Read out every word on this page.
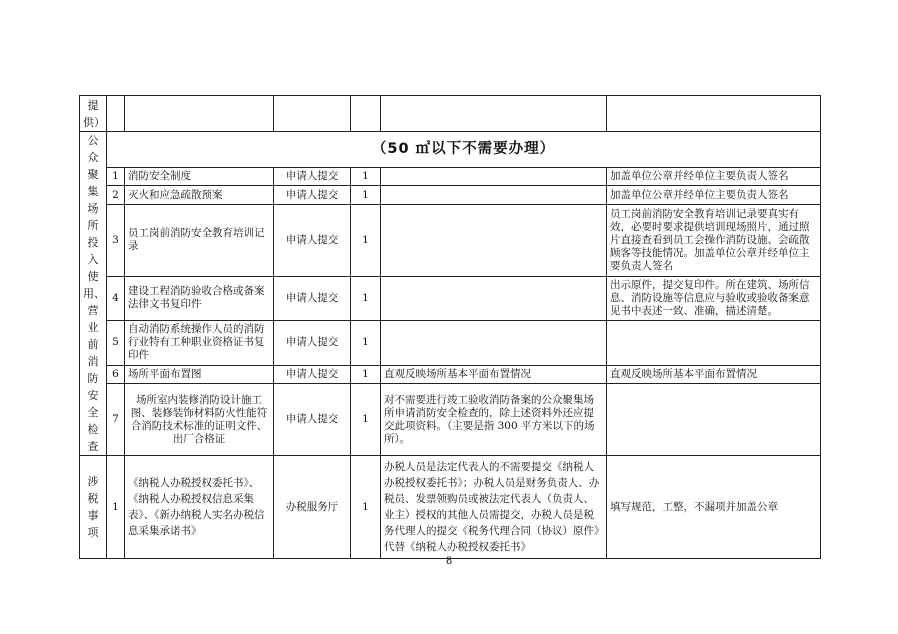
提供）						
公众聚集场所投入使用、营业前消防安全检查	（50 ㎡以下不需要办理）					
	1	消防安全制度	申请人提交	1		加盖单位公章并经单位主要负责人签名
	2	灭火和应急疏散预案	申请人提交	1		加盖单位公章并经单位主要负责人签名
	3	员工岗前消防安全教育培训记录	申请人提交	1		员工岗前消防安全教育培训记录要真实有效，必要时要求提供培训现场照片，通过照片直接查看到员工会操作消防设施、会疏散顾客等技能情况。加盖单位公章并经单位主要负责人签名
	4	建设工程消防验收合格或备案法律文书复印件	申请人提交	1		出示原件，提交复印件。所在建筑、场所信息、消防设施等信息应与验收或验收备案意见书中表述一致、准确，描述清楚。
	5	自动消防系统操作人员的消防行业特有工种职业资格证书复印件	申请人提交	1		
	6	场所平面布置图	申请人提交	1	直观反映场所基本平面布置情况	直观反映场所基本平面布置情况
	7	场所室内装修消防设计施工图、装修装饰材料防火性能符合消防技术标准的证明文件、出厂合格证	申请人提交	1	对不需要进行竣工验收消防备案的公众聚集场所申请消防安全检查的，除上述资料外还应提交此项资料。（主要是指 300 平方米以下的场所）。	
涉税事项	1	《纳税人办税授权委托书》、《纳税人办税授权信息采集表》、《新办纳税人实名办税信息采集承诺书》	办税服务厅	1	办税人员是法定代表人的不需要提交《纳税人办税授权委托书》；办税人员是财务负责人、办税员、发票领购员或被法定代表人（负责人、业主）授权的其他人员需提交，办税人员是税务代理人的提交《税务代理合同（协议）原件》代替《纳税人办税授权委托书》	填写规范，工整，不漏项并加盖公章
8
